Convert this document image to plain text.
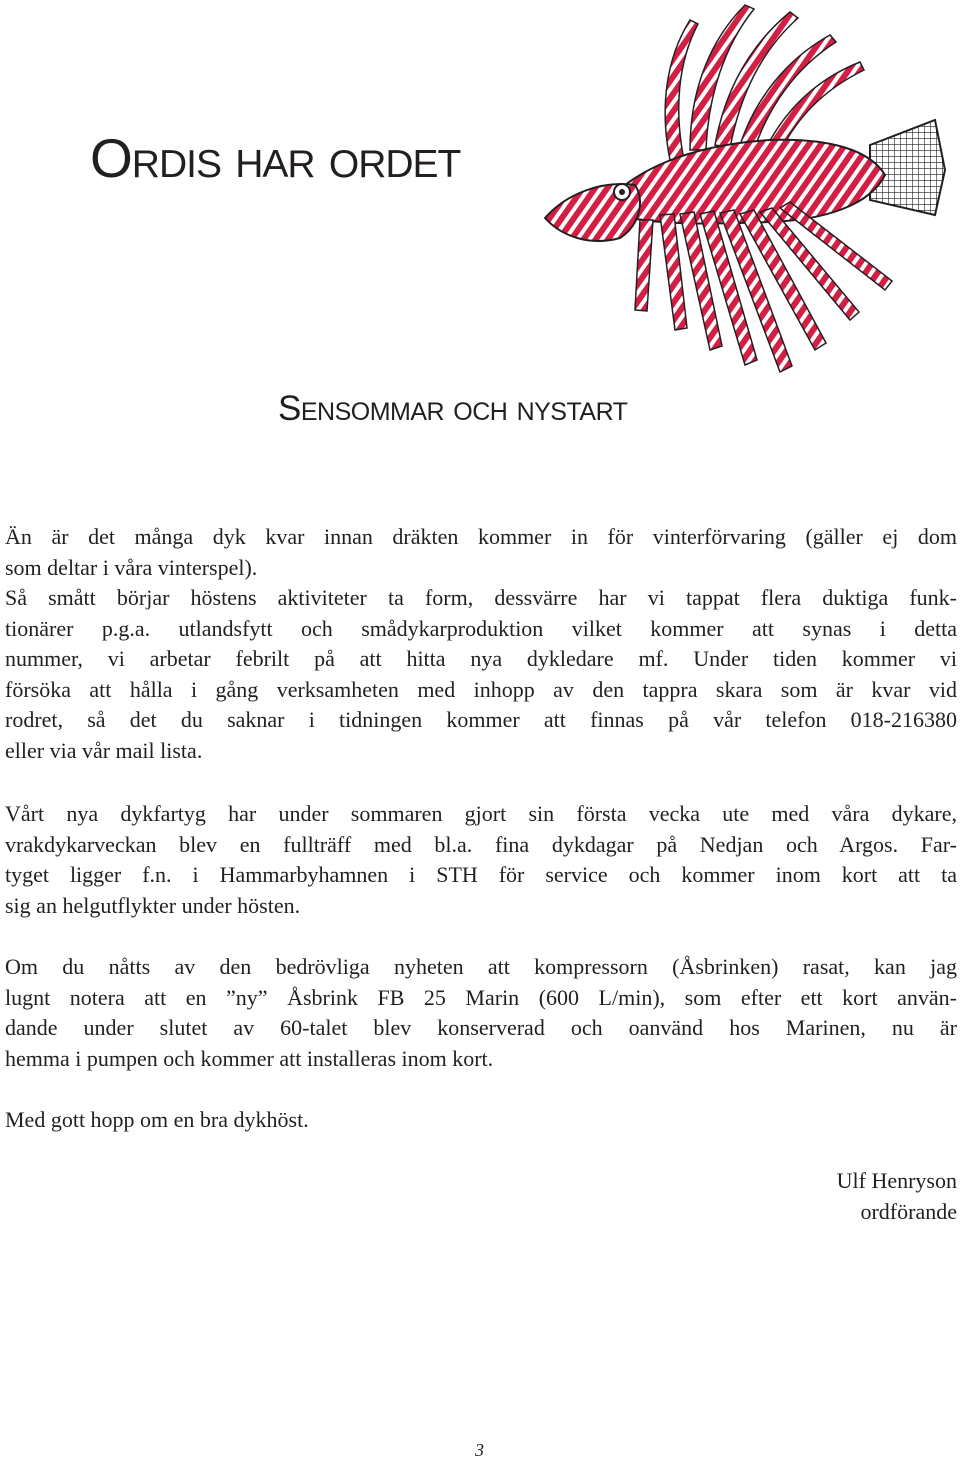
Ordis har ordet
Sensommar och nystart
Än är det många dyk kvar innan dräkten kommer in för vinterförvaring (gäller ej dom
som deltar i våra vinterspel).
Så smått börjar höstens aktiviteter ta form, dessvärre har vi tappat flera duktiga funk-
tionärer p.g.a. utlandsfytt och smådykarproduktion vilket kommer att synas i detta
nummer, vi arbetar febrilt på att hitta nya dykledare mf. Under tiden kommer vi
försöka att hålla i gång verksamheten med inhopp av den tappra skara som är kvar vid
rodret, så det du saknar i tidningen kommer att finnas på vår telefon 018-216380
eller via vår mail lista.
Vårt nya dykfartyg har under sommaren gjort sin första vecka ute med våra dykare,
vrakdykarveckan blev en fullträff med bl.a. fina dykdagar på Nedjan och Argos. Far-
tyget ligger f.n. i Hammarbyhamnen i STH för service och kommer inom kort att ta
sig an helgutflykter under hösten.
Om du nåtts av den bedrövliga nyheten att kompressorn (Åsbrinken) rasat, kan jag
lugnt notera att en ”ny” Åsbrink FB 25 Marin (600 L/min), som efter ett kort använ-
dande under slutet av 60-talet blev konserverad och oanvänd hos Marinen, nu är
hemma i pumpen och kommer att installeras inom kort.
Med gott hopp om en bra dykhöst.
Ulf Henryson
ordförande
3
